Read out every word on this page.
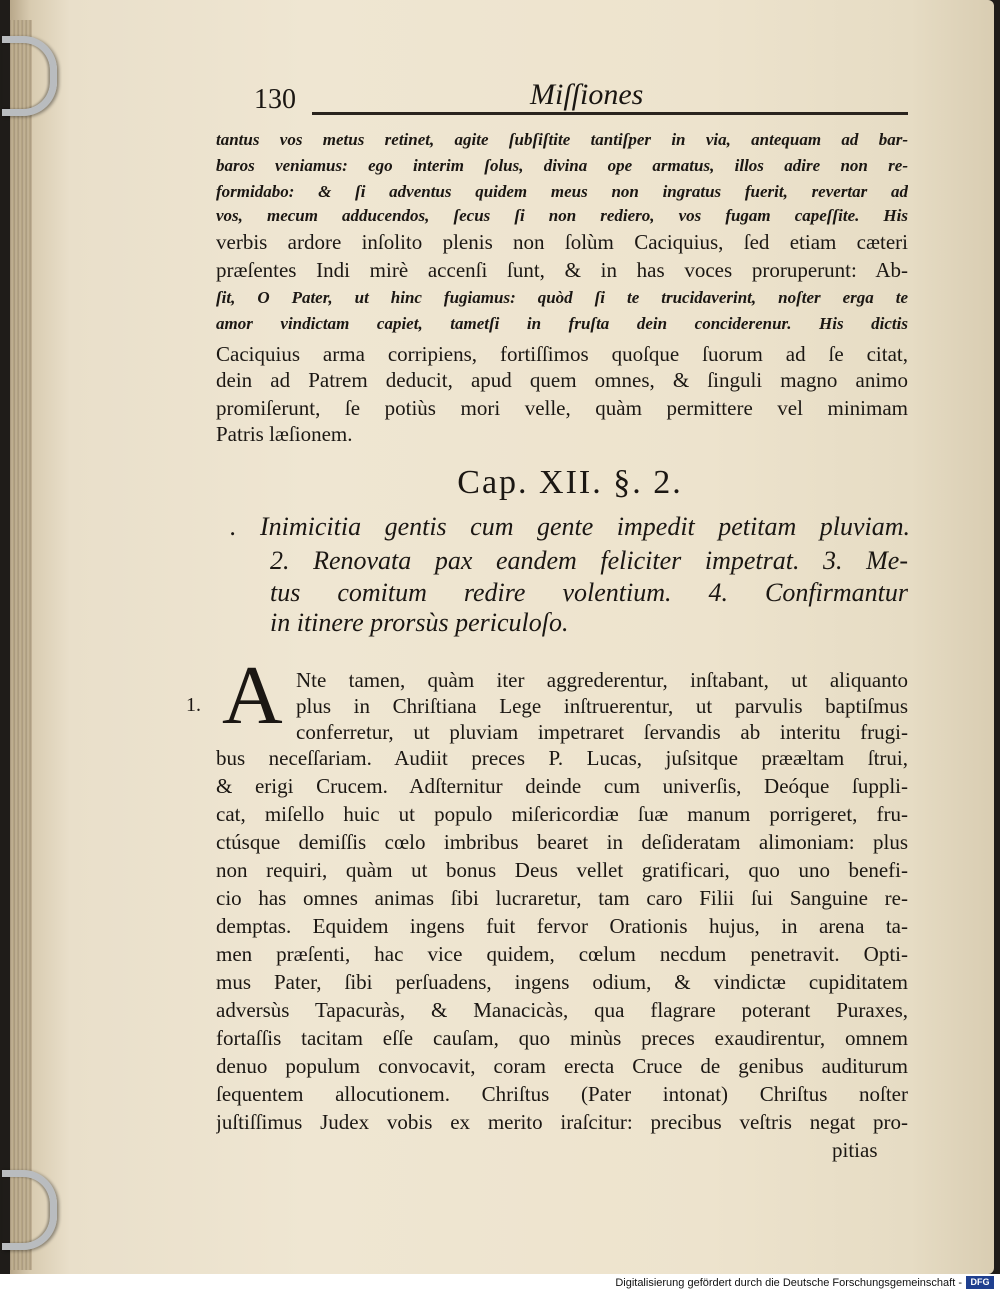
130	Miſſiones
tantus vos metus retinet, agite ſubſiſtite tantiſper in via, antequam ad bar-
baros veniamus: ego interim ſolus, divina ope armatus, illos adire non re-
formidabo: & ſi adventus quidem meus non ingratus fuerit, revertar ad
vos, mecum adducendos, ſecus ſi non rediero, vos fugam capeſſite. His
verbis ardore inſolito plenis non ſolùm Caciquius, ſed etiam cæteri
præſentes Indi mirè accenſi ſunt, & in has voces proruperunt: Ab-
ſit, O Pater, ut hinc fugiamus: quòd ſi te trucidaverint, noſter erga te
amor vindictam capiet, tametſi in fruſta dein conciderenur. His dictis
Caciquius arma corripiens, fortiſſimos quoſque ſuorum ad ſe citat,
dein ad Patrem deducit, apud quem omnes, & ſinguli magno animo
promiſerunt, ſe potiùs mori velle, quàm permittere vel minimam
Patris læſionem.
Cap. XII. §. 2.
. Inimicitia gentis cum gente impedit petitam pluviam.
2. Renovata pax eandem feliciter impetrat. 3. Me-
tus comitum redire volentium. 4. Confirmantur
in itinere prorsùs periculoſo.
1. A Nte tamen, quàm iter aggrederentur, inſtabant, ut aliquanto
plus in Chriſtiana Lege inſtruerentur, ut parvulis baptiſmus
conferretur, ut pluviam impetraret ſervandis ab interitu frugi-
bus neceſſariam. Audiit preces P. Lucas, juſsitque prææltam ſtrui,
& erigi Crucem. Adſternitur deinde cum univerſis, Deóque ſuppli-
cat, miſello huic ut populo miſericordiæ ſuæ manum porrigeret, fru-
ctúsque demiſſis cœlo imbribus bearet in deſideratam alimoniam: plus
non requiri, quàm ut bonus Deus vellet gratificari, quo uno benefi-
cio has omnes animas ſibi lucraretur, tam caro Filii ſui Sanguine re-
demptas. Equidem ingens fuit fervor Orationis hujus, in arena ta-
men præſenti, hac vice quidem, cœlum necdum penetravit. Opti-
mus Pater, ſibi perſuadens, ingens odium, & vindictæ cupiditatem
adversùs Tapacuràs, & Manacicàs, qua flagrare poterant Puraxes,
fortaſſis tacitam eſſe cauſam, quo minùs preces exaudirentur, omnem
denuo populum convocavit, coram erecta Cruce de genibus auditurum
ſequentem allocutionem. Chriſtus (Pater intonat) Chriſtus noſter
juſtiſſimus Judex vobis ex merito iraſcitur: precibus veſtris negat pro-
pitias
Digitalisierung gefördert durch die Deutsche Forschungsgemeinschaft - DFG
